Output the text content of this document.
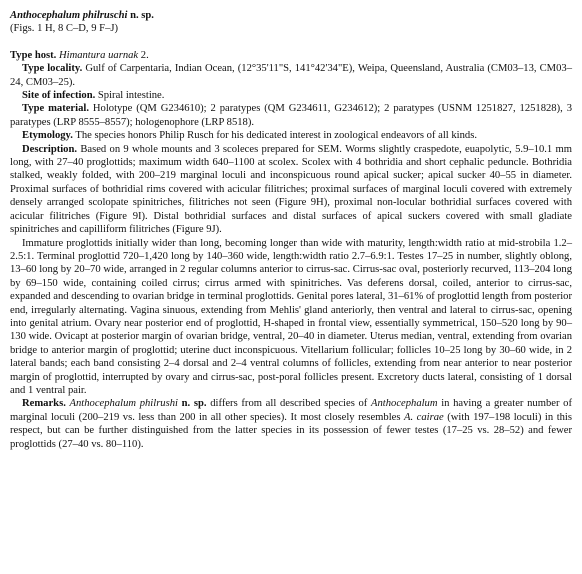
Anthocephalum philruschi n. sp.
(Figs. 1 H, 8 C–D, 9 F–J)

Type host. Himantura uarnak 2.

Type locality. Gulf of Carpentaria, Indian Ocean, (12°35'11"S, 141°42'34"E), Weipa, Queensland, Australia (CM03–13, CM03–24, CM03–25).

Site of infection. Spiral intestine.

Type material. Holotype (QM G234610); 2 paratypes (QM G234611, G234612); 2 paratypes (USNM 1251827, 1251828), 3 paratypes (LRP 8555–8557); hologenophore (LRP 8518).

Etymology. The species honors Philip Rusch for his dedicated interest in zoological endeavors of all kinds.

Description. Based on 9 whole mounts and 3 scoleces prepared for SEM. Worms slightly craspedote, euapolytic, 5.9–10.1 mm long, with 27–40 proglottids; maximum width 640–1100 at scolex. Scolex with 4 bothridia and short cephalic peduncle. Bothridia stalked, weakly folded, with 200–219 marginal loculi and inconspicuous round apical sucker; apical sucker 40–55 in diameter. Proximal surfaces of bothridial rims covered with acicular filitriches; proximal surfaces of marginal loculi covered with extremely densely arranged scolopate spinitriches, filitriches not seen (Figure 9H), proximal non-locular bothridial surfaces covered with acicular filitriches (Figure 9I). Distal bothridial surfaces and distal surfaces of apical suckers covered with small gladiate spinitriches and capilliform filitriches (Figure 9J).

Immature proglottids initially wider than long, becoming longer than wide with maturity, length:width ratio at mid-strobila 1.2–2.5:1. Terminal proglottid 720–1,420 long by 140–360 wide, length:width ratio 2.7–6.9:1. Testes 17–25 in number, slightly oblong, 13–60 long by 20–70 wide, arranged in 2 regular columns anterior to cirrus-sac. Cirrus-sac oval, posteriorly recurved, 113–204 long by 69–150 wide, containing coiled cirrus; cirrus armed with spinitriches. Vas deferens dorsal, coiled, anterior to cirrus-sac, expanded and descending to ovarian bridge in terminal proglottids. Genital pores lateral, 31–61% of proglottid length from posterior end, irregularly alternating. Vagina sinuous, extending from Mehlis' gland anteriorly, then ventral and lateral to cirrus-sac, opening into genital atrium. Ovary near posterior end of proglottid, H-shaped in frontal view, essentially symmetrical, 150–520 long by 90–130 wide. Ovicapt at posterior margin of ovarian bridge, ventral, 20–40 in diameter. Uterus median, ventral, extending from ovarian bridge to anterior margin of proglottid; uterine duct inconspicuous. Vitellarium follicular; follicles 10–25 long by 30–60 wide, in 2 lateral bands; each band consisting 2–4 dorsal and 2–4 ventral columns of follicles, extending from near anterior to near posterior margin of proglottid, interrupted by ovary and cirrus-sac, post-poral follicles present. Excretory ducts lateral, consisting of 1 dorsal and 1 ventral pair.

Remarks. Anthocephalum philrushi n. sp. differs from all described species of Anthocephalum in having a greater number of marginal loculi (200–219 vs. less than 200 in all other species). It most closely resembles A. cairae (with 197–198 loculi) in this respect, but can be further distinguished from the latter species in its possession of fewer testes (17–25 vs. 28–52) and fewer proglottids (27–40 vs. 80–110).
